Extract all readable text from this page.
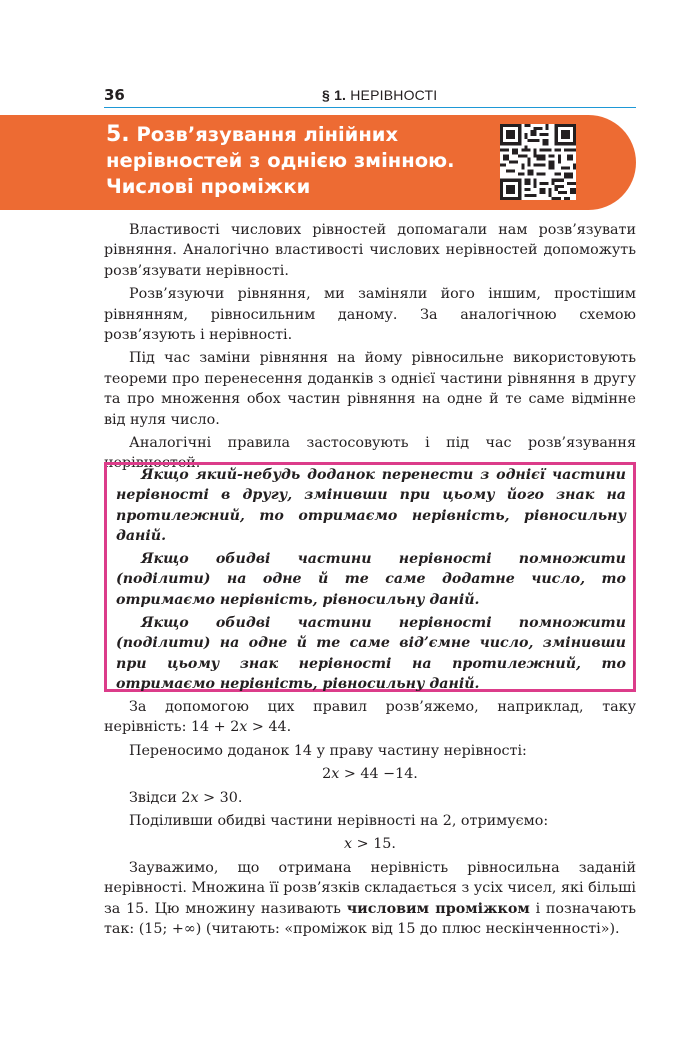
36	§ 1. НЕРІВНОСТІ
5. Розв’язування лінійних нерівностей з однією змінною. Числові проміжки

Властивості числових рівностей допомагали нам розв’язувати рівняння. Аналогічно властивості числових нерівностей допоможуть розв’язувати нерівності.

Розв’язуючи рівняння, ми заміняли його іншим, простішим рівнянням, рівносильним даному. За аналогічною схемою розв’язують і нерівності.

Під час заміни рівняння на йому рівносильне використовують теореми про перенесення доданків з однієї частини рівняння в другу та про множення обох частин рівняння на одне й те саме відмінне від нуля число.

Аналогічні правила застосовують і під час розв’язування нерівностей.

Якщо який-небудь доданок перенести з однієї частини нерівності в другу, змінивши при цьому його знак на протилежний, то отримаємо нерівність, рівносильну даній.

Якщо обидві частини нерівності помножити (поділити) на одне й те саме додатне число, то отримаємо нерівність, рівносильну даній.

Якщо обидві частини нерівності помножити (поділити) на одне й те саме від’ємне число, змінивши при цьому знак нерівності на протилежний, то отримаємо нерівність, рівносильну даній.

За допомогою цих правил розв’яжемо, наприклад, таку нерівність: 14 + 2x > 44.

Переносимо доданок 14 у праву частину нерівності:

2x > 44 −14.

Звідси 2x > 30.

Поділивши обидві частини нерівності на 2, отримуємо:

x > 15.

Зауважимо, що отримана нерівність рівносильна заданій нерівності. Множина її розв’язків складається з усіх чисел, які більші за 15. Цю множину називають числовим проміжком і позначають так: (15; +∞) (читають: «проміжок від 15 до плюс нескінченності»).
